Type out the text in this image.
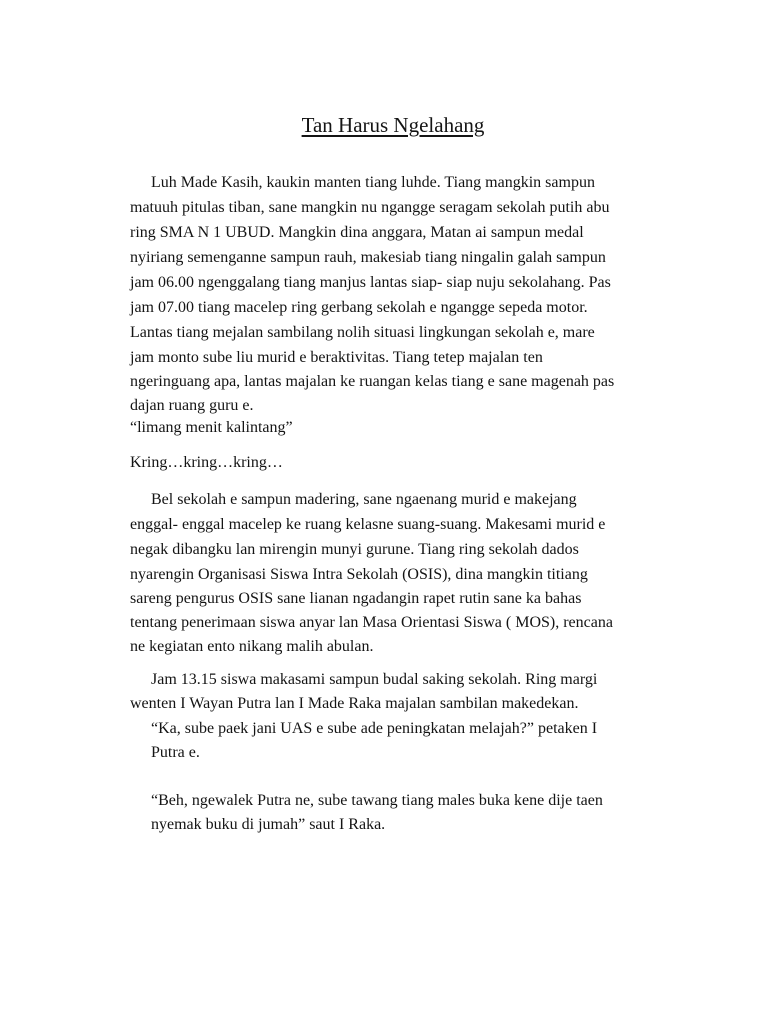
Tan Harus Ngelahang

Luh Made Kasih, kaukin manten tiang luhde. Tiang mangkin sampun

matuuh pitulas tiban, sane mangkin nu ngangge seragam sekolah putih abu

ring SMA N 1 UBUD. Mangkin dina anggara, Matan ai sampun medal

nyiriang semenganne sampun rauh, makesiab tiang ningalin galah sampun

jam 06.00 ngenggalang tiang manjus lantas siap- siap nuju sekolahang. Pas

jam 07.00 tiang macelep ring gerbang sekolah e ngangge sepeda motor.

Lantas tiang mejalan sambilang nolih situasi lingkungan sekolah e, mare

jam monto sube liu murid e beraktivitas. Tiang tetep majalan ten

ngeringuang apa, lantas majalan ke ruangan kelas tiang e sane magenah pas

dajan ruang guru e.

“limang menit kalintang”

Kring…kring…kring…

Bel sekolah e sampun madering, sane ngaenang murid e makejang

enggal- enggal macelep ke ruang kelasne suang-suang. Makesami murid e

negak dibangku lan mirengin munyi gurune. Tiang ring sekolah dados

nyarengin Organisasi Siswa Intra Sekolah (OSIS), dina mangkin titiang

sareng pengurus OSIS sane lianan ngadangin rapet rutin sane ka bahas

tentang penerimaan siswa anyar lan Masa Orientasi Siswa ( MOS), rencana

ne kegiatan ento nikang malih abulan.

Jam 13.15 siswa makasami sampun budal saking sekolah. Ring margi

wenten I Wayan Putra lan I Made Raka majalan sambilan makedekan.

“Ka, sube paek jani UAS e sube ade peningkatan melajah?” petaken I

Putra e.

“Beh, ngewalek Putra ne, sube tawang tiang males buka kene dije taen

nyemak buku di jumah” saut I Raka.
